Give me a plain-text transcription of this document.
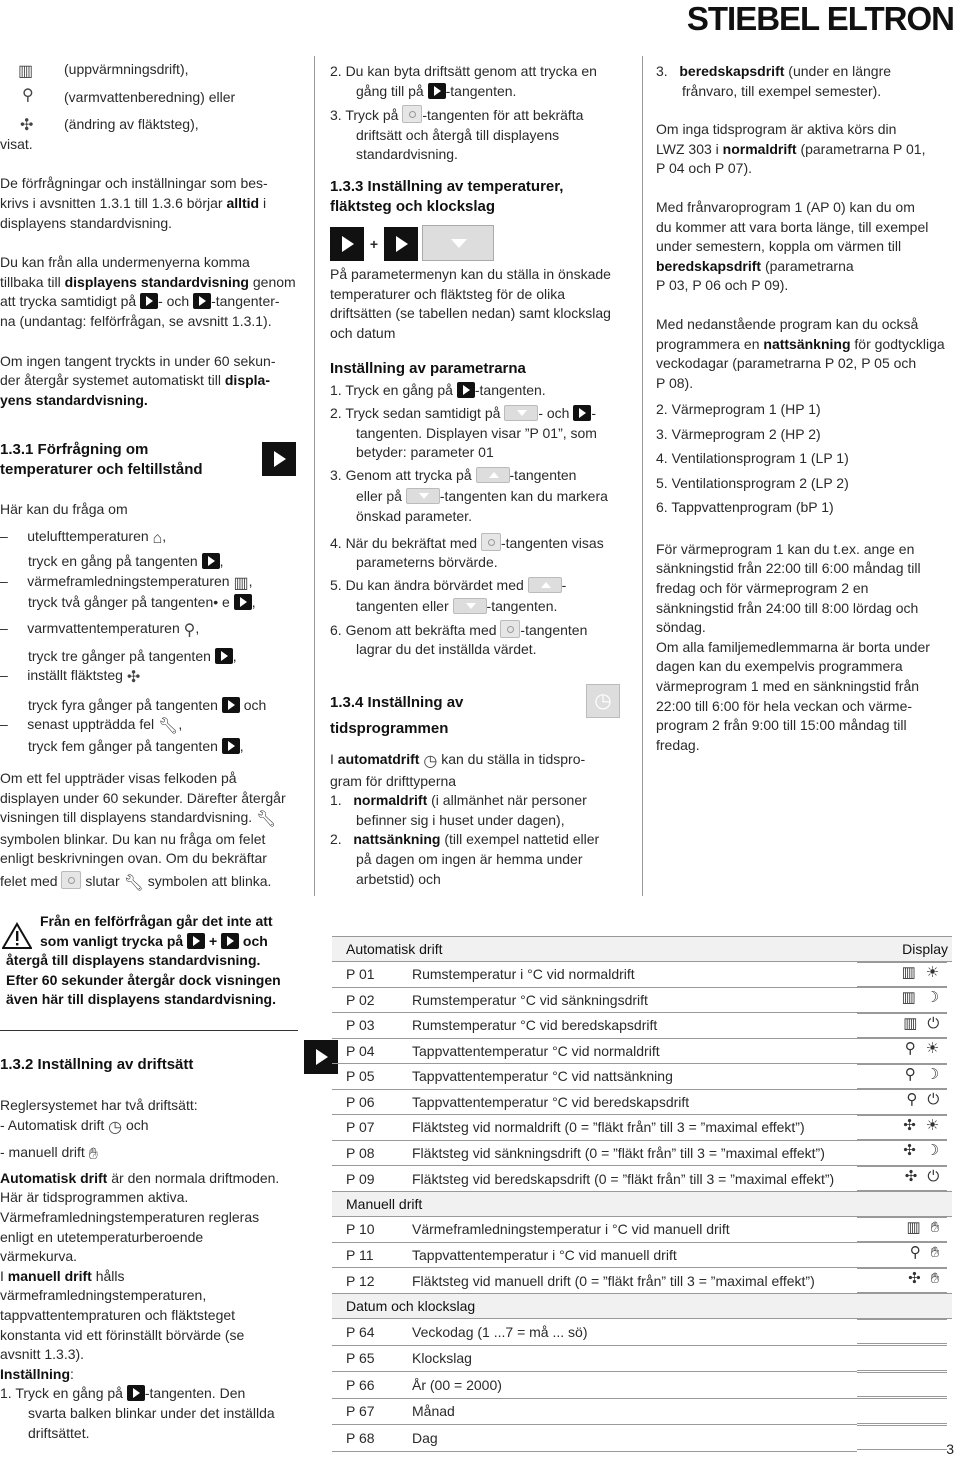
STIEBEL ELTRON
▥	(uppvärmningsdrift),
⚲	(varmvattenberedning) eller
✣	(ändring av fläktsteg),
visat.
De förfrågningar och inställningar som bes-
krivs i avsnitten 1.3.1 till 1.3.6 börjar alltid i
displayens standardvisning.
Du kan från alla undermenyerna komma
tillbaka till displayens standardvisning genom
att trycka samtidigt på - och -tangenter-
na (undantag: felförfrågan, se avsnitt 1.3.1).
Om ingen tangent tryckts in under 60 sekun-
der återgår systemet automatiskt till displa-
yens standardvisning.
1.3.1 Förfrågning om
temperaturer och feltillstånd

Här kan du fråga om
–     utelufttemperaturen ⌂,
tryck en gång på tangenten ,
–     värmeframledningstemperaturen ▥,
tryck två gånger på tangenten• e ,
–     varmvattentemperaturen ⚲,
tryck tre gånger på tangenten ,
–     inställt fläktsteg ✣
tryck fyra gånger på tangenten och
–     senast uppträdda fel 🔧︎,
tryck fem gånger på tangenten ,
Om ett fel uppträder visas felkoden på
displayen under 60 sekunder. Därefter återgår
visningen till displayens standardvisning. 🔧︎
symbolen blinkar. Du kan nu fråga om felet
enligt beskrivningen ovan. Om du bekräftar
felet med slutar 🔧︎ symbolen att blinka.
Från en felförfrågan går det inte att
som vanligt trycka på + och
återgå till displayens standardvisning.
Efter 60 sekunder återgår dock visningen
även här till displayens standardvisning.
1.3.2 Inställning av driftsätt
Reglersystemet har två driftsätt:
- Automatisk drift ◷ och
- manuell drift ✋︎
Automatisk drift är den normala driftmoden.
Här är tidsprogrammen aktiva.
Värmeframledningstemperaturen regleras
enligt en utetemperaturberoende
värmekurva.
I manuell drift hålls
värmeframledningstemperaturen,
tappvattentempraturen och fläktsteget
konstanta vid ett förinställt börvärde (se
avsnitt 1.3.3).
Inställning:
1. Tryck en gång på -tangenten. Den
svarta balken blinkar under det inställda
driftsättet.
2. Du kan byta driftsätt genom att trycka en
gång till på -tangenten.
3. Tryck på -tangenten för att bekräfta
driftsätt och återgå till displayens
standardvisning.
1.3.3 Inställning av temperaturer,
fläktsteg och klockslag
+
På parametermenyn kan du ställa in önskade
temperaturer och fläktsteg för de olika
driftsätten (se tabellen nedan) samt klockslag
och datum
Inställning av parametrarna
1. Tryck en gång på -tangenten.
2. Tryck sedan samtidigt på	- och -
tangenten. Displayen visar ”P 01”, som
betyder: parameter 01
3. Genom att trycka på	-tangenten
eller på	-tangenten kan du markera
önskad parameter.
4. När du bekräftat med -tangenten visas
parameterns börvärde.
5. Du kan ändra börvärdet med	-
tangenten eller	-tangenten.
6. Genom att bekräfta med -tangenten
lagrar du det inställda värdet.
1.3.4 Inställning av
tidsprogrammen
◷
I automatdrift ◷ kan du ställa in tidspro-
gram för drifttyperna
1. normaldrift (i allmänhet när personer
befinner sig i huset under dagen),
2. nattsänkning (till exempel nattetid eller
på dagen om ingen är hemma under
arbetstid) och
3. beredskapsdrift (under en längre
frånvaro, till exempel semester).
Om inga tidsprogram är aktiva körs din
LWZ 303 i normaldrift (parametrarna P 01,
P 04 och P 07).
Med frånvaroprogram 1 (AP 0) kan du om
du kommer att vara borta länge, till exempel
under semestern, koppla om värmen till
beredskapsdrift (parametrarna
P 03, P 06 och P 09).
Med nedanstående program kan du också
programmera en nattsänkning för godtyckliga
veckodagar (parametrarna P 02, P 05 och
P 08).
2. Värmeprogram 1 (HP 1)
3. Värmeprogram 2 (HP 2)
4. Ventilationsprogram 1 (LP 1)
5. Ventilationsprogram 2 (LP 2)
6. Tappvattenprogram (bP 1)
För värmeprogram 1 kan du t.ex. ange en
sänkningstid från 22:00 till 6:00 måndag till
fredag och för värmeprogram 2 en
sänkningstid från 24:00 till 8:00 lördag och
söndag.
Om alla familjemedlemmarna är borta under
dagen kan du exempelvis programmera
värmeprogram 1 med en sänkningstid från
22:00 till 6:00 för hela veckan och värme-
program 2 från 9:00 till 15:00 måndag till
fredag.
Automatisk drift		Display
P 01	Rumstemperatur i °C vid normaldrift		▥ ☀
P 02	Rumstemperatur °C vid sänkningsdrift		▥ ☽
P 03	Rumstemperatur °C vid beredskapsdrift		▥ ⏻
P 04	Tappvattentemperatur °C vid normaldrift		⚲ ☀
P 05	Tappvattentemperatur °C vid nattsänkning		⚲ ☽
P 06	Tappvattentemperatur °C vid beredskapsdrift		⚲ ⏻
P 07	Fläktsteg vid normaldrift (0 = ”fläkt från” till 3 = ”maximal effekt”)		✣ ☀
P 08	Fläktsteg vid sänkningsdrift (0 = ”fläkt från” till 3 = ”maximal effekt”)		✣ ☽
P 09	Fläktsteg vid beredskapsdrift (0 = ”fläkt från” till 3 = ”maximal effekt”)		✣ ⏻
Manuell drift		
P 10	Värmeframledningstemperatur i °C vid manuell drift		▥ ✋︎
P 11	Tappvattentemperatur i °C vid manuell drift		⚲ ✋︎
P 12	Fläktsteg vid manuell drift (0 = ”fläkt från” till 3 = ”maximal effekt”)		✣ ✋︎
Datum och klockslag		
P 64	Veckodag (1 ...7 = må ... sö)	
P 65	Klockslag	
P 66	År (00 = 2000)	
P 67	Månad	
P 68	Dag	
3
